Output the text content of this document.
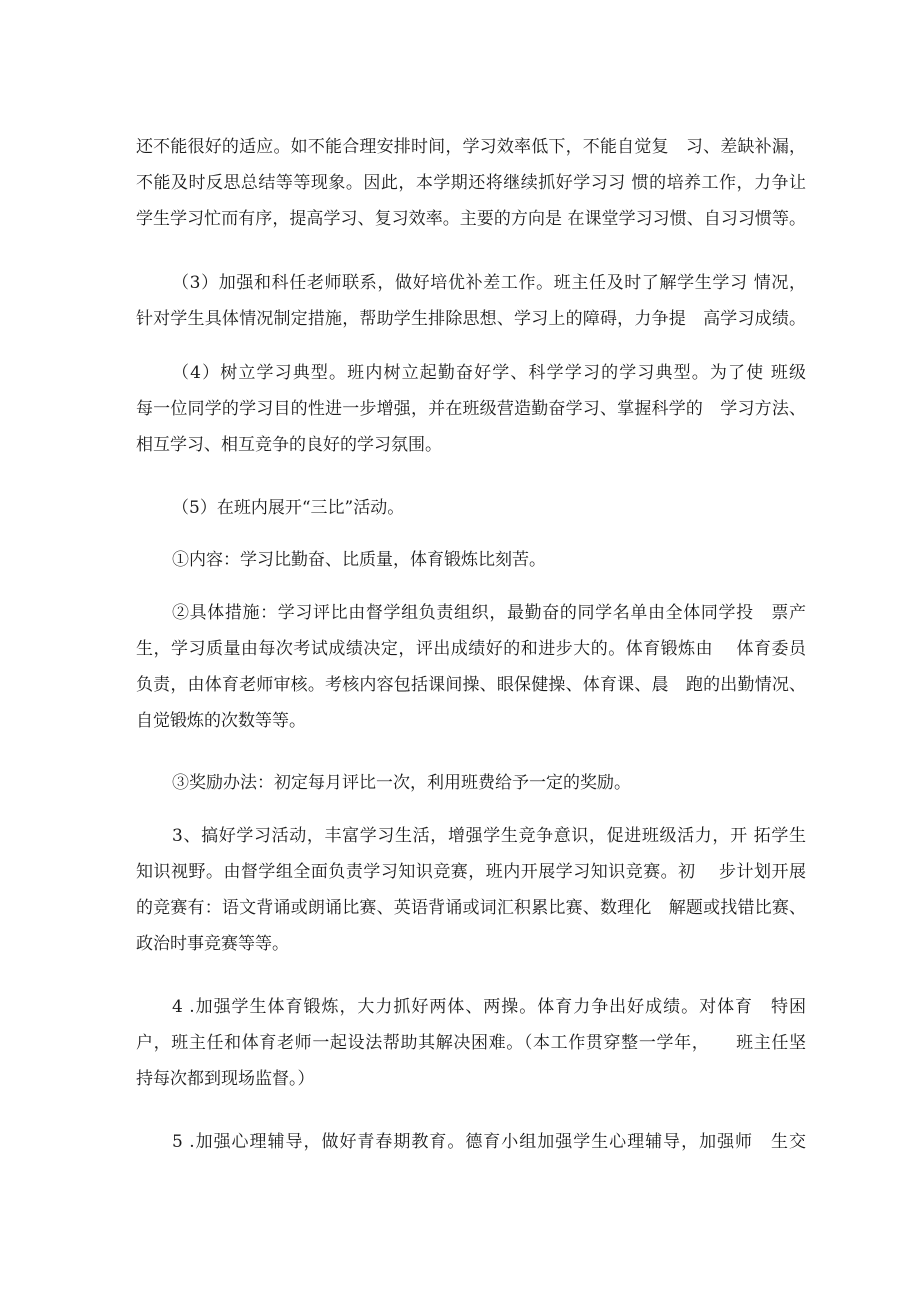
还不能很好的适应。如不能合理安排时间，学习效率低下，不能自觉复　习、差缺补漏，
不能及时反思总结等等现象。因此，本学期还将继续抓好学习习 惯的培养工作，力争让
学生学习忙而有序，提高学习、复习效率。主要的方向是 在课堂学习习惯、自习习惯等。
（3）加强和科任老师联系，做好培优补差工作。班主任及时了解学生学习 情况，
针对学生具体情况制定措施，帮助学生排除思想、学习上的障碍，力争提　高学习成绩。
（4）树立学习典型。班内树立起勤奋好学、科学学习的学习典型。为了使 班级
每一位同学的学习目的性进一步增强，并在班级营造勤奋学习、掌握科学的　学习方法、
相互学习、相互竞争的良好的学习氛围。
（5）在班内展开“三比”活动。
①内容：学习比勤奋、比质量，体育锻炼比刻苦。
②具体措施：学习评比由督学组负责组织，最勤奋的同学名单由全体同学投　票产
生，学习质量由每次考试成绩决定，评出成绩好的和进步大的。体育锻炼由　 体育委员
负责，由体育老师审核。考核内容包括课间操、眼保健操、体育课、晨　跑的出勤情况、
自觉锻炼的次数等等。
③奖励办法：初定每月评比一次，利用班费给予一定的奖励。
3、搞好学习活动，丰富学习生活，增强学生竞争意识，促进班级活力，开 拓学生
知识视野。由督学组全面负责学习知识竞赛，班内开展学习知识竞赛。初　 步计划开展
的竞赛有：语文背诵或朗诵比赛、英语背诵或词汇积累比赛、数理化　解题或找错比赛、
政治时事竞赛等等。
4 .加强学生体育锻炼，大力抓好两体、两操。体育力争出好成绩。对体育　特困
户，班主任和体育老师一起设法帮助其解决困难。（本工作贯穿整一学年，　　班主任坚
持每次都到现场监督。）
5 .加强心理辅导，做好青春期教育。德育小组加强学生心理辅导，加强师　生交
